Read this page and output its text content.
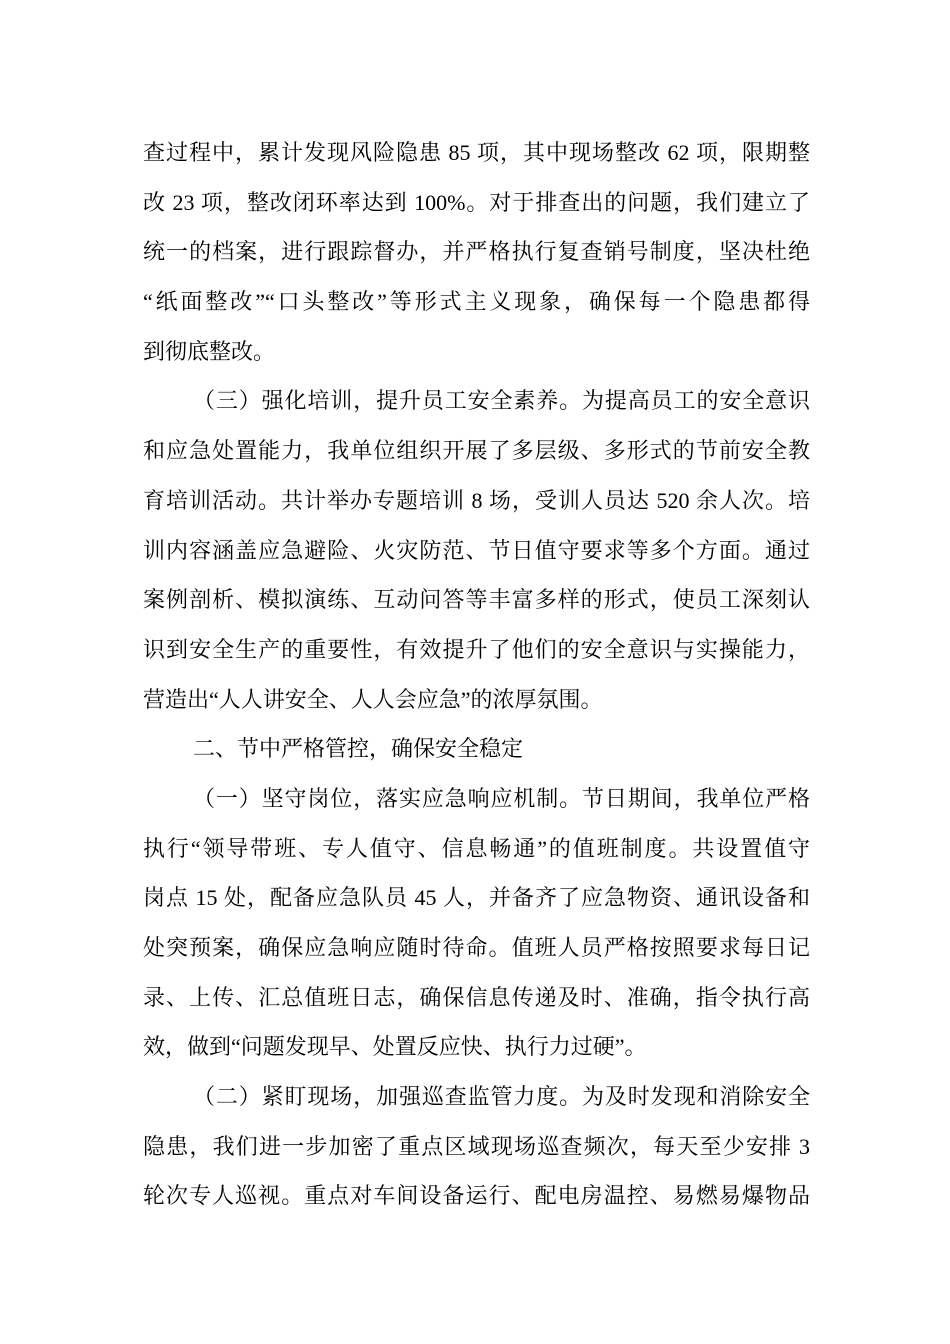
查过程中，累计发现风险隐患 85 项，其中现场整改 62 项，限期整
改 23 项，整改闭环率达到 100%。对于排查出的问题，我们建立了
统一的档案，进行跟踪督办，并严格执行复查销号制度，坚决杜绝
“纸面整改”“口头整改”等形式主义现象，确保每一个隐患都得
到彻底整改。
（三）强化培训，提升员工安全素养。为提高员工的安全意识
和应急处置能力，我单位组织开展了多层级、多形式的节前安全教
育培训活动。共计举办专题培训 8 场，受训人员达 520 余人次。培
训内容涵盖应急避险、火灾防范、节日值守要求等多个方面。通过
案例剖析、模拟演练、互动问答等丰富多样的形式，使员工深刻认
识到安全生产的重要性，有效提升了他们的安全意识与实操能力，
营造出“人人讲安全、人人会应急”的浓厚氛围。
二、节中严格管控，确保安全稳定
（一）坚守岗位，落实应急响应机制。节日期间，我单位严格
执行“领导带班、专人值守、信息畅通”的值班制度。共设置值守
岗点 15 处，配备应急队员 45 人，并备齐了应急物资、通讯设备和
处突预案，确保应急响应随时待命。值班人员严格按照要求每日记
录、上传、汇总值班日志，确保信息传递及时、准确，指令执行高
效，做到“问题发现早、处置反应快、执行力过硬”。
（二）紧盯现场，加强巡查监管力度。为及时发现和消除安全
隐患，我们进一步加密了重点区域现场巡查频次，每天至少安排 3
轮次专人巡视。重点对车间设备运行、配电房温控、易燃易爆物品
